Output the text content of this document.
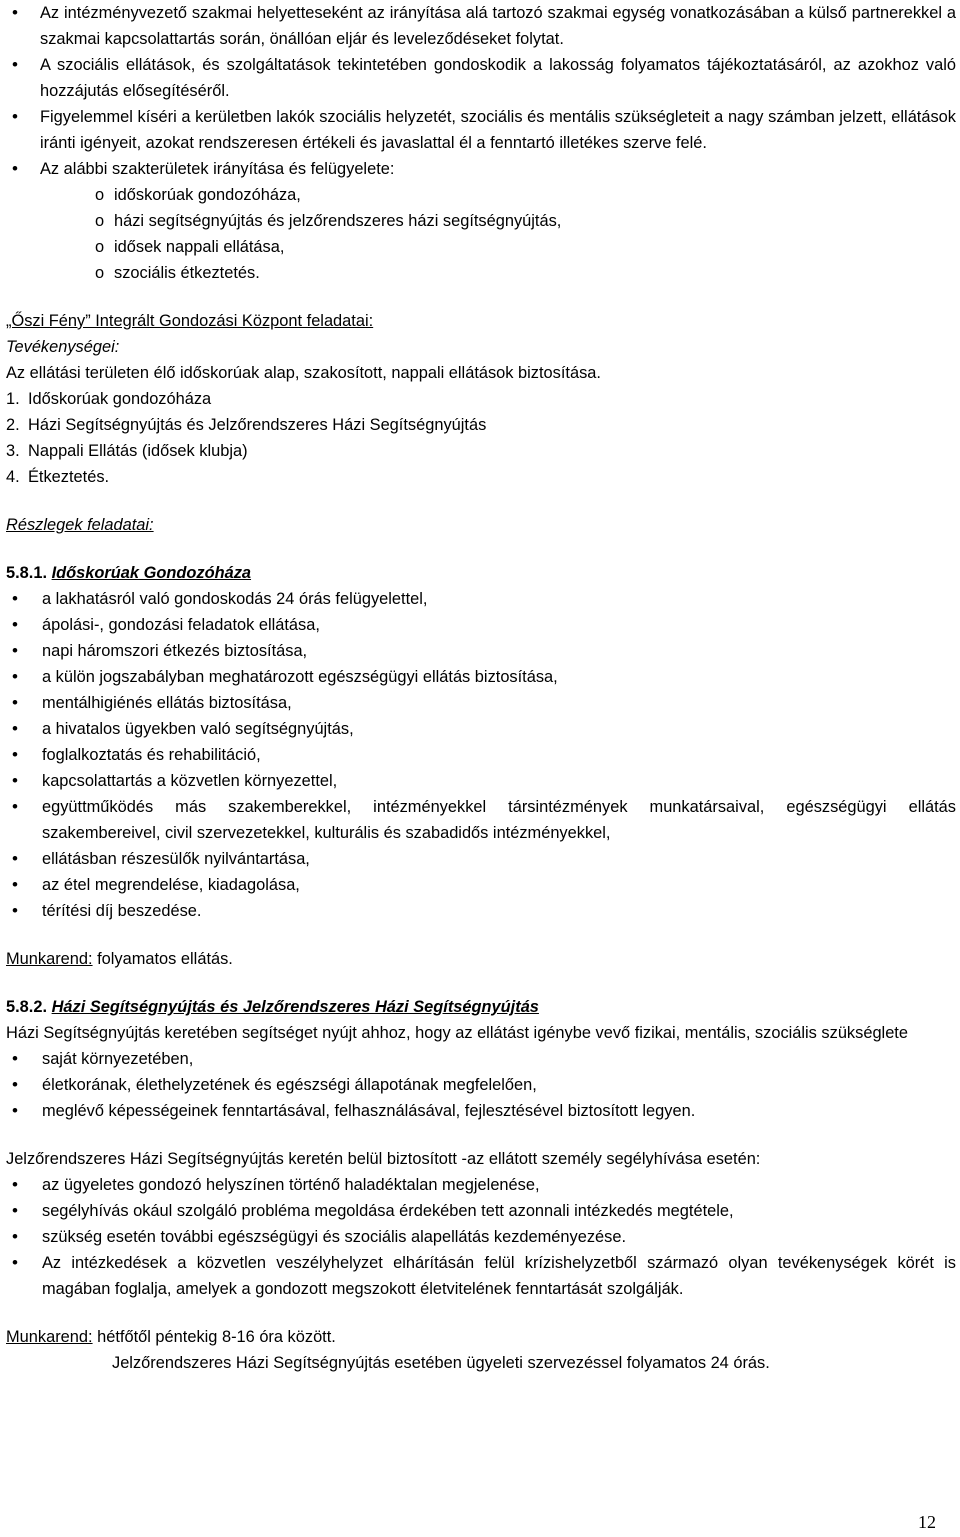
• Az intézményvezető szakmai helyetteseként az irányítása alá tartozó szakmai egység vonatkozásában a külső partnerekkel a szakmai kapcsolattartás során, önállóan eljár és leveleződéseket folytat.
• A szociális ellátások, és szolgáltatások tekintetében gondoskodik a lakosság folyamatos tájékoztatásáról, az azokhoz való hozzájutás elősegítéséről.
• Figyelemmel kíséri a kerületben lakók szociális helyzetét, szociális és mentális szükségleteit a nagy számban jelzett, ellátások iránti igényeit, azokat rendszeresen értékeli és javaslattal él a fenntartó illetékes szerve felé.
• Az alábbi szakterületek irányítása és felügyelete:
o időskorúak gondozóháza,
o házi segítségnyújtás és jelzőrendszeres házi segítségnyújtás,
o idősek nappali ellátása,
o szociális étkeztetés.

„Őszi Fény” Integrált Gondozási Központ feladatai:

Tevékenységei:

Az ellátási területen élő időskorúak alap, szakosított, nappali ellátások biztosítása.

1. Időskorúak gondozóháza
2. Házi Segítségnyújtás és Jelzőrendszeres Házi Segítségnyújtás
3. Nappali Ellátás (idősek klubja)
4. Étkeztetés.

Részlegek feladatai:

5.8.1. Időskorúak Gondozóháza

• a lakhatásról való gondoskodás 24 órás felügyelettel,
• ápolási-, gondozási feladatok ellátása,
• napi háromszori étkezés biztosítása,
• a külön jogszabályban meghatározott egészségügyi ellátás biztosítása,
• mentálhigiénés ellátás biztosítása,
• a hivatalos ügyekben való segítségnyújtás,
• foglalkoztatás és rehabilitáció,
• kapcsolattartás a közvetlen környezettel,
• együttműködés más szakemberekkel, intézményekkel társintézmények munkatársaival, egészségügyi ellátás szakembereivel, civil szervezetekkel, kulturális és szabadidős intézményekkel,
• ellátásban részesülők nyilvántartása,
• az étel megrendelése, kiadagolása,
• térítési díj beszedése.

Munkarend: folyamatos ellátás.

5.8.2. Házi Segítségnyújtás és Jelzőrendszeres Házi Segítségnyújtás

Házi Segítségnyújtás keretében segítséget nyújt ahhoz, hogy az ellátást igénybe vevő fizikai, mentális, szociális szükséglete

• saját környezetében,
• életkorának, élethelyzetének és egészségi állapotának megfelelően,
• meglévő képességeinek fenntartásával, felhasználásával, fejlesztésével biztosított legyen.

Jelzőrendszeres Házi Segítségnyújtás keretén belül biztosított -az ellátott személy segélyhívása esetén:

• az ügyeletes gondozó helyszínen történő haladéktalan megjelenése,
• segélyhívás okául szolgáló probléma megoldása érdekében tett azonnali intézkedés megtétele,
• szükség esetén további egészségügyi és szociális alapellátás kezdeményezése.
• Az intézkedések a közvetlen veszélyhelyzet elhárításán felül krízishelyzetből származó olyan tevékenységek körét is magában foglalja, amelyek a gondozott megszokott életvitelének fenntartását szolgálják.

Munkarend: hétfőtől péntekig 8-16 óra között.

Jelzőrendszeres Házi Segítségnyújtás esetében ügyeleti szervezéssel folyamatos 24 órás.

12
